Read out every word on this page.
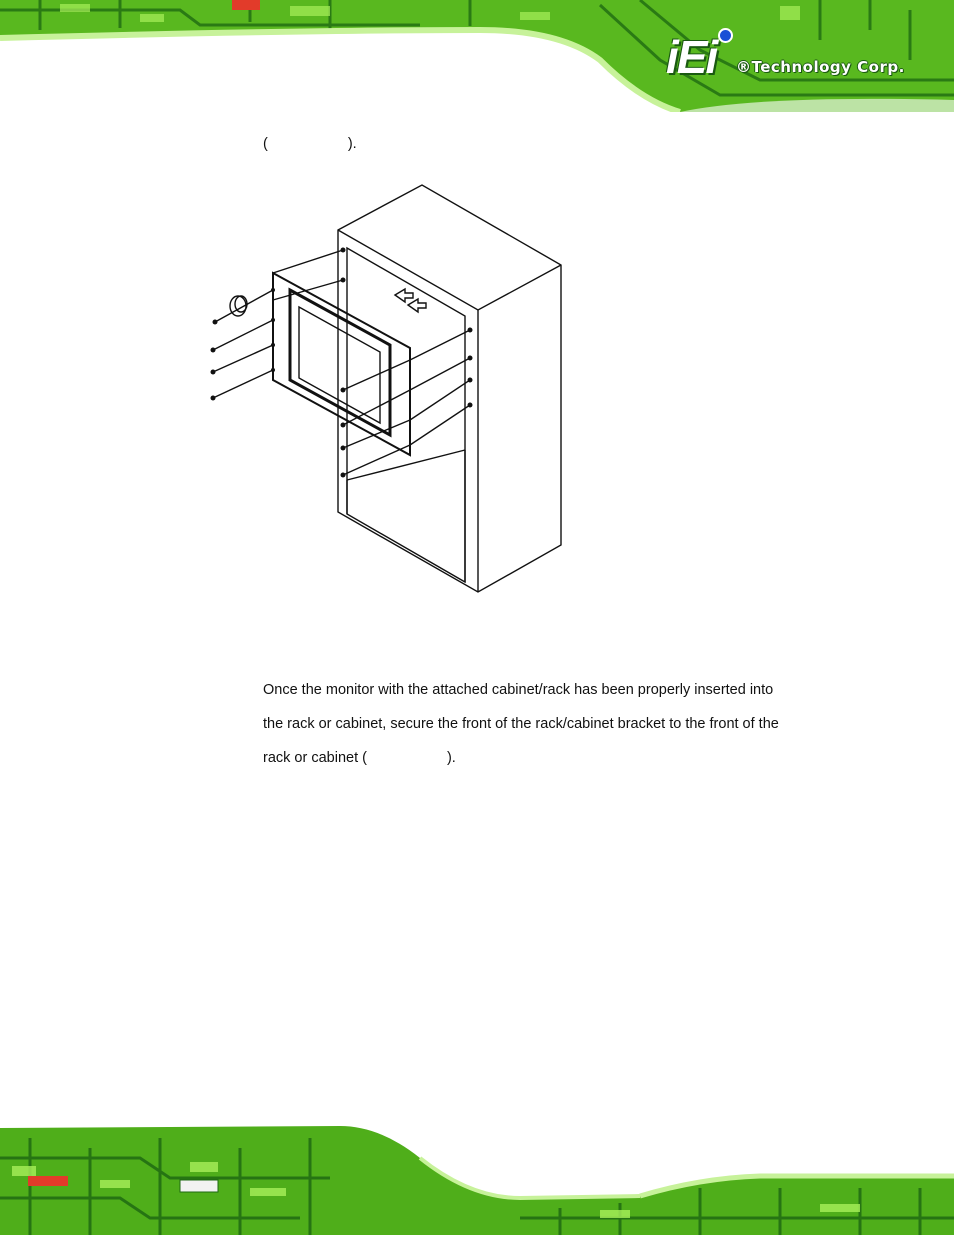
iEi ®Technology Corp.
(	).
Once the monitor with the attached cabinet/rack has been properly inserted into
the rack or cabinet, secure the front of the rack/cabinet bracket to the front of the
rack or cabinet (	).
